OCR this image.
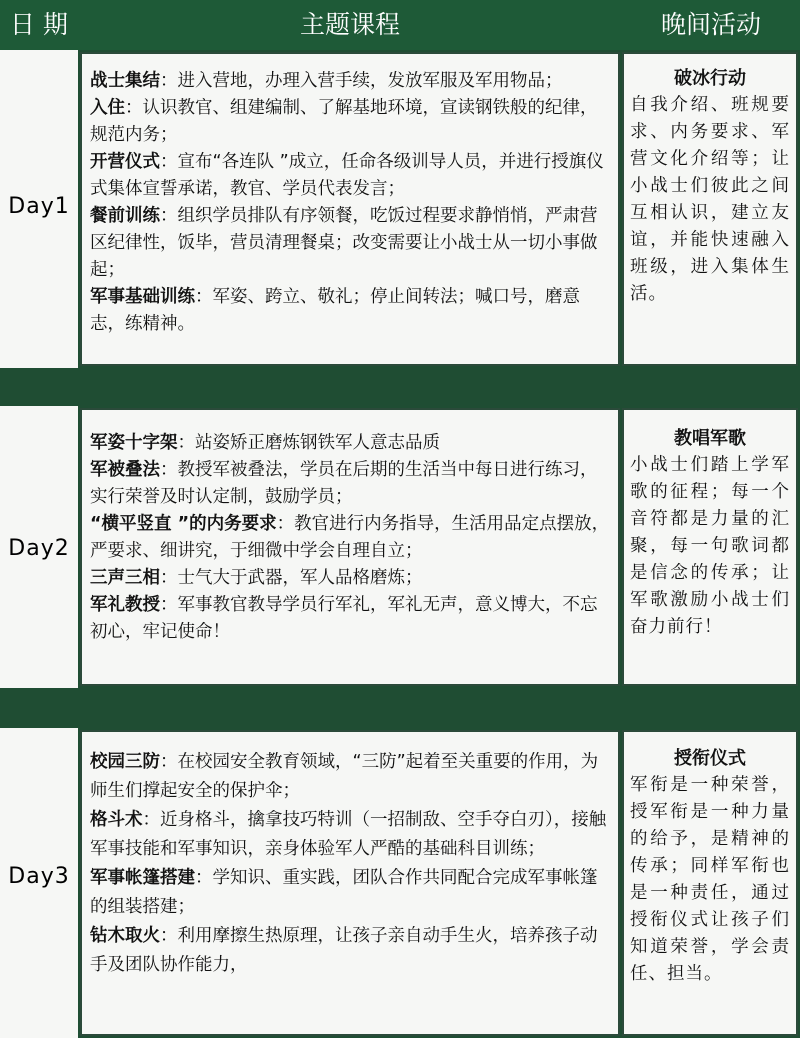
日 期	主题课程	晚间活动
Day1
战士集结：进入营地，办理入营手续，发放军服及军用物品；
入住：认识教官、组建编制、了解基地环境，宣读钢铁般的纪律，规范内务；
开营仪式：宣布“各连队 ”成立，任命各级训导人员，并进行授旗仪式集体宣誓承诺，教官、学员代表发言；
餐前训练：组织学员排队有序领餐，吃饭过程要求静悄悄，严肃营区纪律性，饭毕，营员清理餐桌；改变需要让小战士从一切小事做起；
军事基础训练：军姿、跨立、敬礼；停止间转法；喊口号，磨意志，练精神。
破冰行动
自我介绍、班规要求、内务要求、军营文化介绍等；让小战士们彼此之间互相认识，建立友谊，并能快速融入班级，进入集体生活。
Day2
军姿十字架：站姿矫正磨炼钢铁军人意志品质
军被叠法：教授军被叠法，学员在后期的生活当中每日进行练习，实行荣誉及时认定制，鼓励学员；
“横平竖直 ”的内务要求：教官进行内务指导，生活用品定点摆放，严要求、细讲究，于细微中学会自理自立；
三声三相：士气大于武器，军人品格磨炼；
军礼教授：军事教官教导学员行军礼，军礼无声，意义博大，不忘初心，牢记使命！
教唱军歌
小战士们踏上学军歌的征程；每一个音符都是力量的汇聚，每一句歌词都是信念的传承；让军歌激励小战士们奋力前行！
Day3
校园三防：在校园安全教育领域，“三防”起着至关重要的作用，为师生们撑起安全的保护伞；
格斗术：近身格斗，擒拿技巧特训（一招制敌、空手夺白刃），接触军事技能和军事知识，亲身体验军人严酷的基础科目训练；
军事帐篷搭建：学知识、重实践，团队合作共同配合完成军事帐篷的组装搭建；
钻木取火：利用摩擦生热原理，让孩子亲自动手生火，培养孩子动手及团队协作能力，
授衔仪式
军衔是一种荣誉，授军衔是一种力量的给予，是精神的传承；同样军衔也是一种责任，通过授衔仪式让孩子们知道荣誉，学会责任、担当。
